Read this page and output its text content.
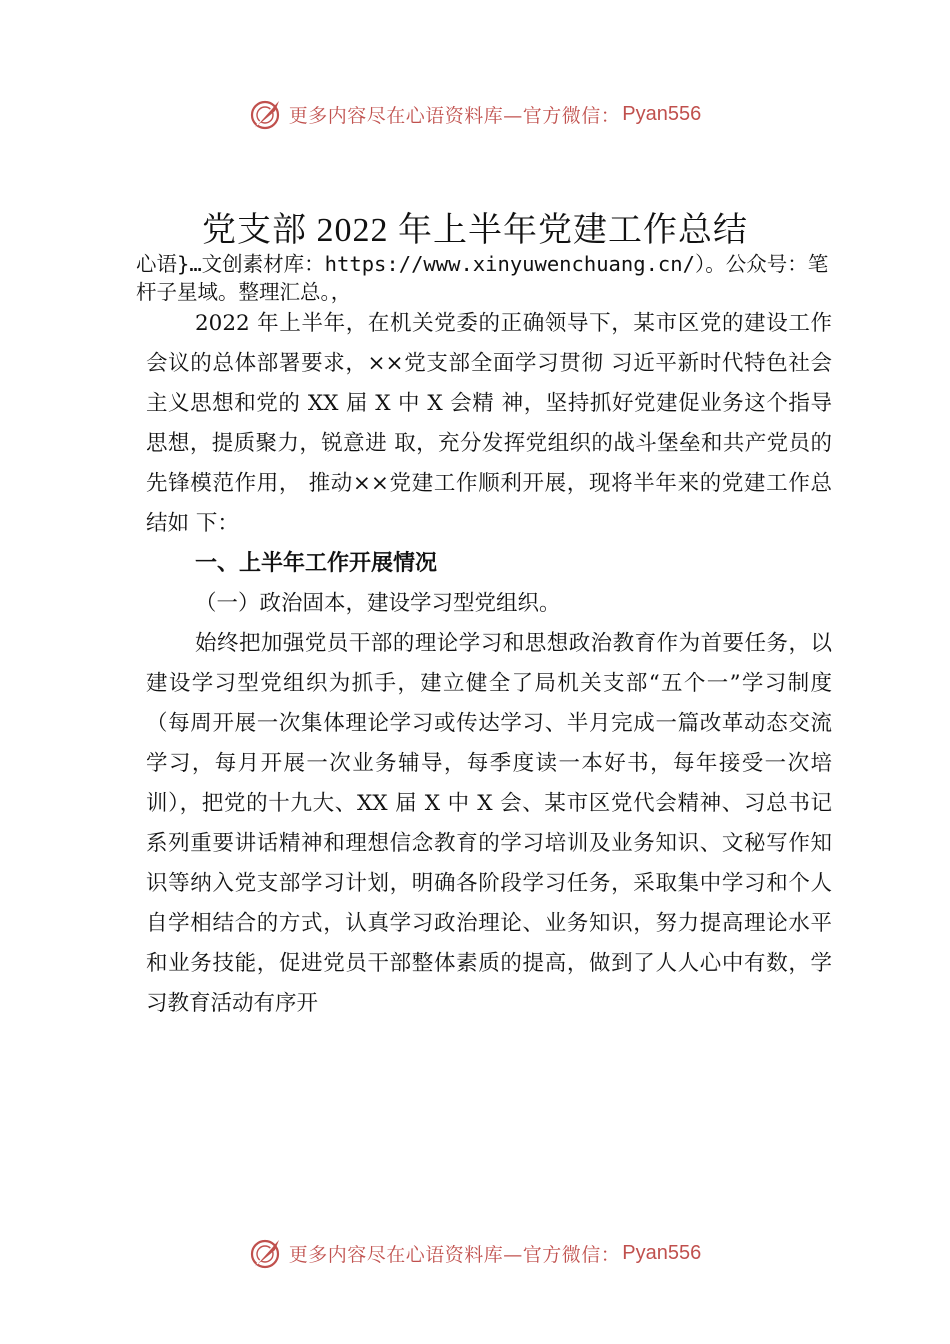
更多内容尽在心语资料库—官方微信： Pyan556
党支部 2022 年上半年党建工作总结
心语}…文创素材库：https://www.xinyuwenchuang.cn/）。公众号：笔杆子星域。整理汇总。，

2022 年上半年，在机关党委的正确领导下，某市区党的建设工作会议的总体部署要求，××党支部全面学习贯彻 习近平新时代特色社会主义思想和党的 XX 届 X 中 X 会精 神，坚持抓好党建促业务这个指导思想，提质聚力，锐意进 取，充分发挥党组织的战斗堡垒和共产党员的先锋模范作用， 推动××党建工作顺利开展，现将半年来的党建工作总结如 下：

一、上半年工作开展情况
（一）政治固本，建设学习型党组织。

始终把加强党员干部的理论学习和思想政治教育作为首要任务，以建设学习型党组织为抓手，建立健全了局机关支部“五个一”学习制度（每周开展一次集体理论学习或传达学习、半月完成一篇改革动态交流学习，每月开展一次业务辅导，每季度读一本好书，每年接受一次培训），把党的十九大、XX 届 X 中 X 会、某市区党代会精神、习总书记系列重要讲话精神和理想信念教育的学习培训及业务知识、文秘写作知识等纳入党支部学习计划，明确各阶段学习任务，采取集中学习和个人自学相结合的方式，认真学习政治理论、业务知识，努力提高理论水平和业务技能，促进党员干部整体素质的提高，做到了人人心中有数，学习教育活动有序开

更多内容尽在心语资料库—官方微信： Pyan556
